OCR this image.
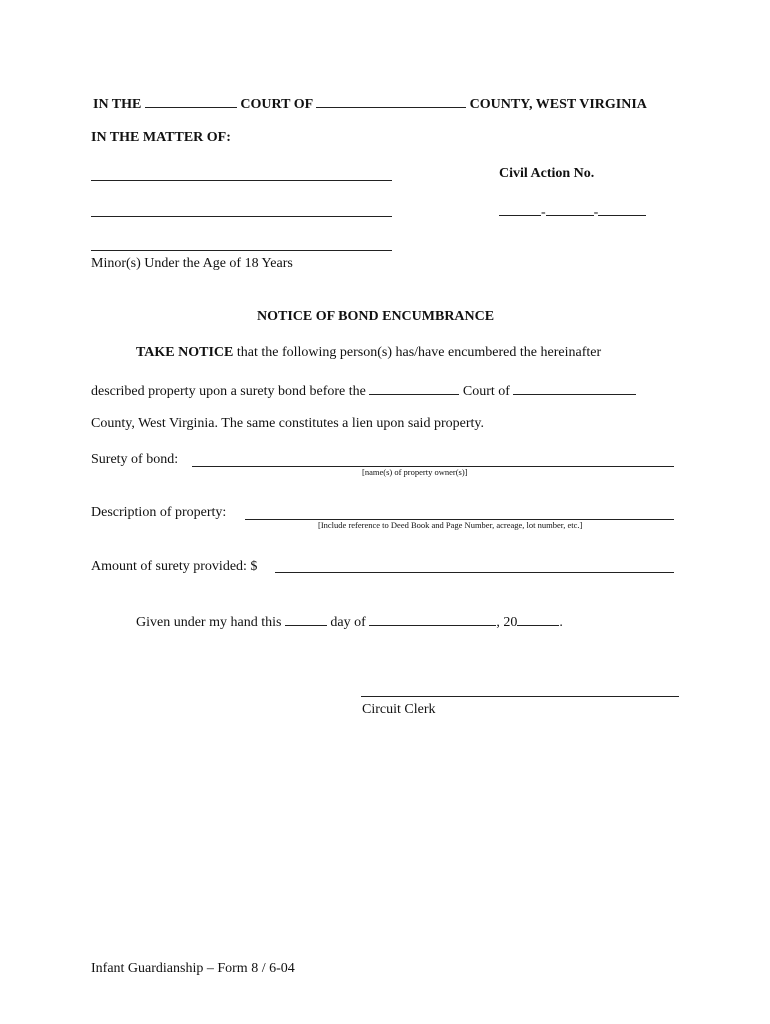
IN THE	COURT OF	COUNTY, WEST VIRGINIA
IN THE MATTER OF:
Civil Action No.
-	-
Minor(s) Under the Age of 18 Years
NOTICE OF BOND ENCUMBRANCE
TAKE NOTICE that the following person(s) has/have encumbered the hereinafter
described property upon a surety bond before the	Court of
County, West Virginia. The same constitutes a lien upon said property.
Surety of bond:
[name(s) of property owner(s)]
Description of property:
[Include reference to Deed Book and Page Number, acreage, lot number, etc.]
Amount of surety provided: $
Given under my hand this	day of	, 20	.
Circuit Clerk
Infant Guardianship – Form 8 / 6-04
